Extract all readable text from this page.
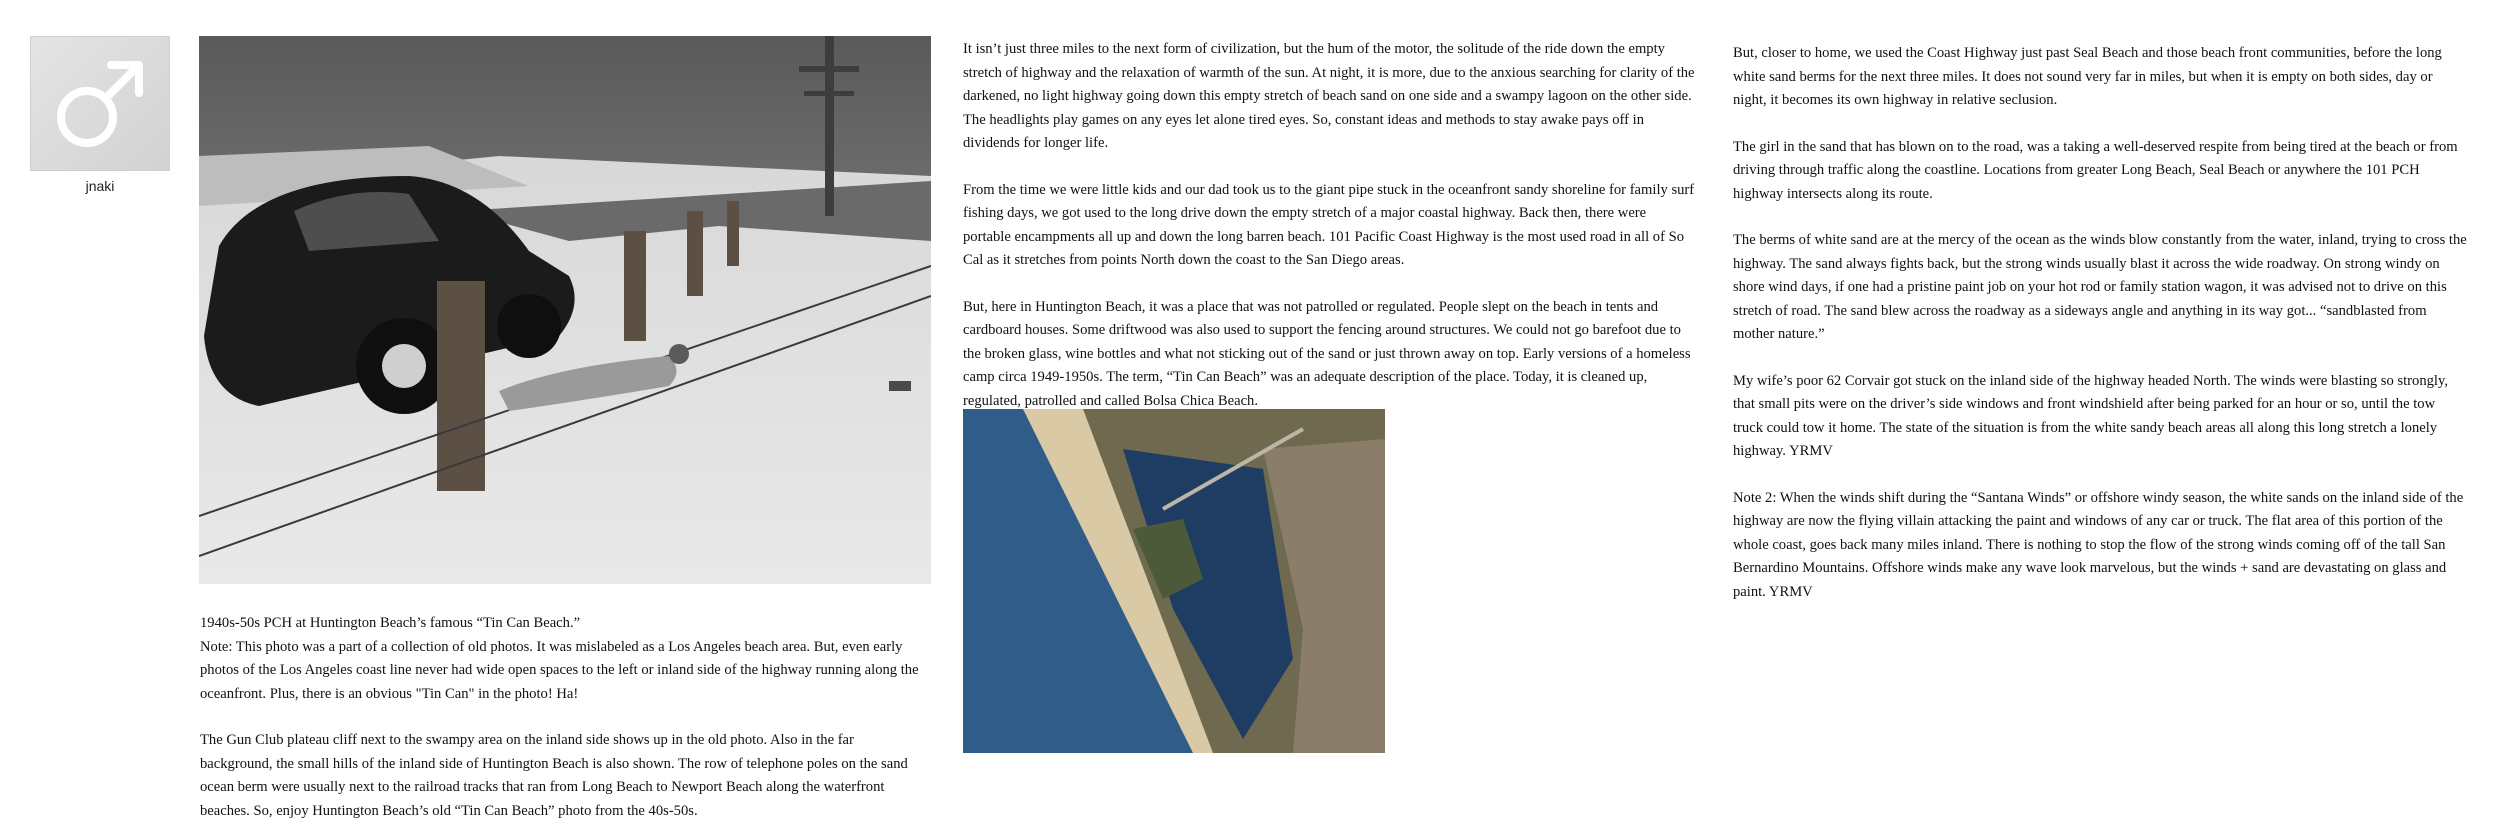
jnaki

1940s-50s PCH at Huntington Beach’s famous “Tin Can Beach.”

Note: This photo was a part of a collection of old photos. It was mislabeled as a Los Angeles beach area. But, even early photos of the Los Angeles coast line never had wide open spaces to the left or inland side of the highway running along the oceanfront. Plus, there is an obvious "Tin Can" in the photo! Ha!

The Gun Club plateau cliff next to the swampy area on the inland side shows up in the old photo. Also in the far background, the small hills of the inland side of Huntington Beach is also shown. The row of telephone poles on the sand ocean berm were usually next to the railroad tracks that ran from Long Beach to Newport Beach along the waterfront beaches. So, enjoy Huntington Beach’s old “Tin Can Beach” photo from the 40s-50s.

It isn’t just three miles to the next form of civilization, but the hum of the motor, the solitude of the ride down the empty stretch of highway and the relaxation of warmth of the sun. At night, it is more, due to the anxious searching for clarity of the darkened, no light highway going down this empty stretch of beach sand on one side and a swampy lagoon on the other side. The headlights play games on any eyes let alone tired eyes. So, constant ideas and methods to stay awake pays off in dividends for longer life.

From the time we were little kids and our dad took us to the giant pipe stuck in the oceanfront sandy shoreline for family surf fishing days, we got used to the long drive down the empty stretch of a major coastal highway. Back then, there were portable encampments all up and down the long barren beach. 101 Pacific Coast Highway is the most used road in all of So Cal as it stretches from points North down the coast to the San Diego areas.

But, here in Huntington Beach, it was a place that was not patrolled or regulated. People slept on the beach in tents and cardboard houses. Some driftwood was also used to support the fencing around structures. We could not go barefoot due to the broken glass, wine bottles and what not sticking out of the sand or just thrown away on top. Early versions of a homeless camp circa 1949-1950s. The term, “Tin Can Beach” was an adequate description of the place. Today, it is cleaned up, regulated, patrolled and called Bolsa Chica Beach.

But, closer to home, we used the Coast Highway just past Seal Beach and those beach front communities, before the long white sand berms for the next three miles. It does not sound very far in miles, but when it is empty on both sides, day or night, it becomes its own highway in relative seclusion.

The girl in the sand that has blown on to the road, was a taking a well-deserved respite from being tired at the beach or from driving through traffic along the coastline. Locations from greater Long Beach, Seal Beach or anywhere the 101 PCH highway intersects along its route.

The berms of white sand are at the mercy of the ocean as the winds blow constantly from the water, inland, trying to cross the highway. The sand always fights back, but the strong winds usually blast it across the wide roadway. On strong windy on shore wind days, if one had a pristine paint job on your hot rod or family station wagon, it was advised not to drive on this stretch of road. The sand blew across the roadway as a sideways angle and anything in its way got... “sandblasted from mother nature.”

My wife’s poor 62 Corvair got stuck on the inland side of the highway headed North. The winds were blasting so strongly, that small pits were on the driver’s side windows and front windshield after being parked for an hour or so, until the tow truck could tow it home. The state of the situation is from the white sandy beach areas all along this long stretch a lonely highway. YRMV

Note 2: When the winds shift during the “Santana Winds” or offshore windy season, the white sands on the inland side of the highway are now the flying villain attacking the paint and windows of any car or truck. The flat area of this portion of the whole coast, goes back many miles inland. There is nothing to stop the flow of the strong winds coming off of the tall San Bernardino Mountains. Offshore winds make any wave look marvelous, but the winds + sand are devastating on glass and paint. YRMV
